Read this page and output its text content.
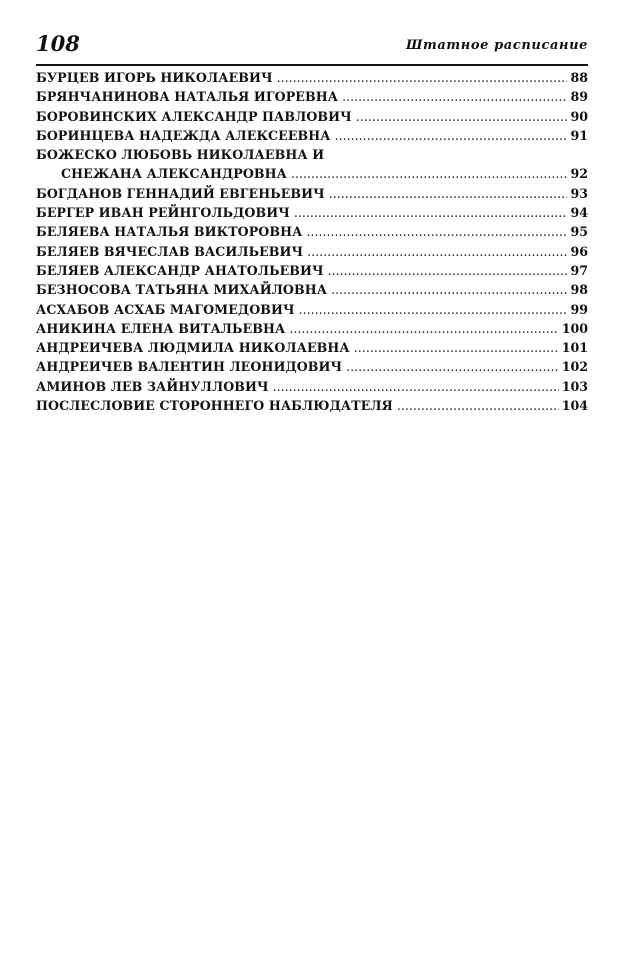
108	Штатное расписание
БУРЦЕВ ИГОРЬ НИКОЛАЕВИЧ . . .	88
БРЯНЧАНИНОВА НАТАЛЬЯ ИГОРЕВНА . . .	89
БОРОВИНСКИХ АЛЕКСАНДР ПАВЛОВИЧ . . .	90
БОРИНЦЕВА НАДЕЖДА АЛЕКСЕЕВНА . . .	91
БОЖЕСКО ЛЮБОВЬ НИКОЛАЕВНА И
СНЕЖАНА АЛЕКСАНДРОВНА . . .	92
БОГДАНОВ ГЕННАДИЙ ЕВГЕНЬЕВИЧ . . .	93
БЕРГЕР ИВАН РЕЙНГОЛЬДОВИЧ . . .	94
БЕЛЯЕВА НАТАЛЬЯ ВИКТОРОВНА . . .	95
БЕЛЯЕВ ВЯЧЕСЛАВ ВАСИЛЬЕВИЧ . . .	96
БЕЛЯЕВ АЛЕКСАНДР АНАТОЛЬЕВИЧ . . .	97
БЕЗНОСОВА ТАТЬЯНА МИХАЙЛОВНА . . .	98
АСХАБОВ АСХАБ МАГОМЕДОВИЧ . . .	99
АНИКИНА ЕЛЕНА ВИТАЛЬЕВНА . . .	100
АНДРЕИЧЕВА ЛЮДМИЛА НИКОЛАЕВНА . . .	101
АНДРЕИЧЕВ ВАЛЕНТИН ЛЕОНИДОВИЧ . . .	102
АМИНОВ ЛЕВ ЗАЙНУЛЛОВИЧ . . .	103
ПОСЛЕСЛОВИЕ СТОРОННЕГО НАБЛЮДАТЕЛЯ . . .	104
